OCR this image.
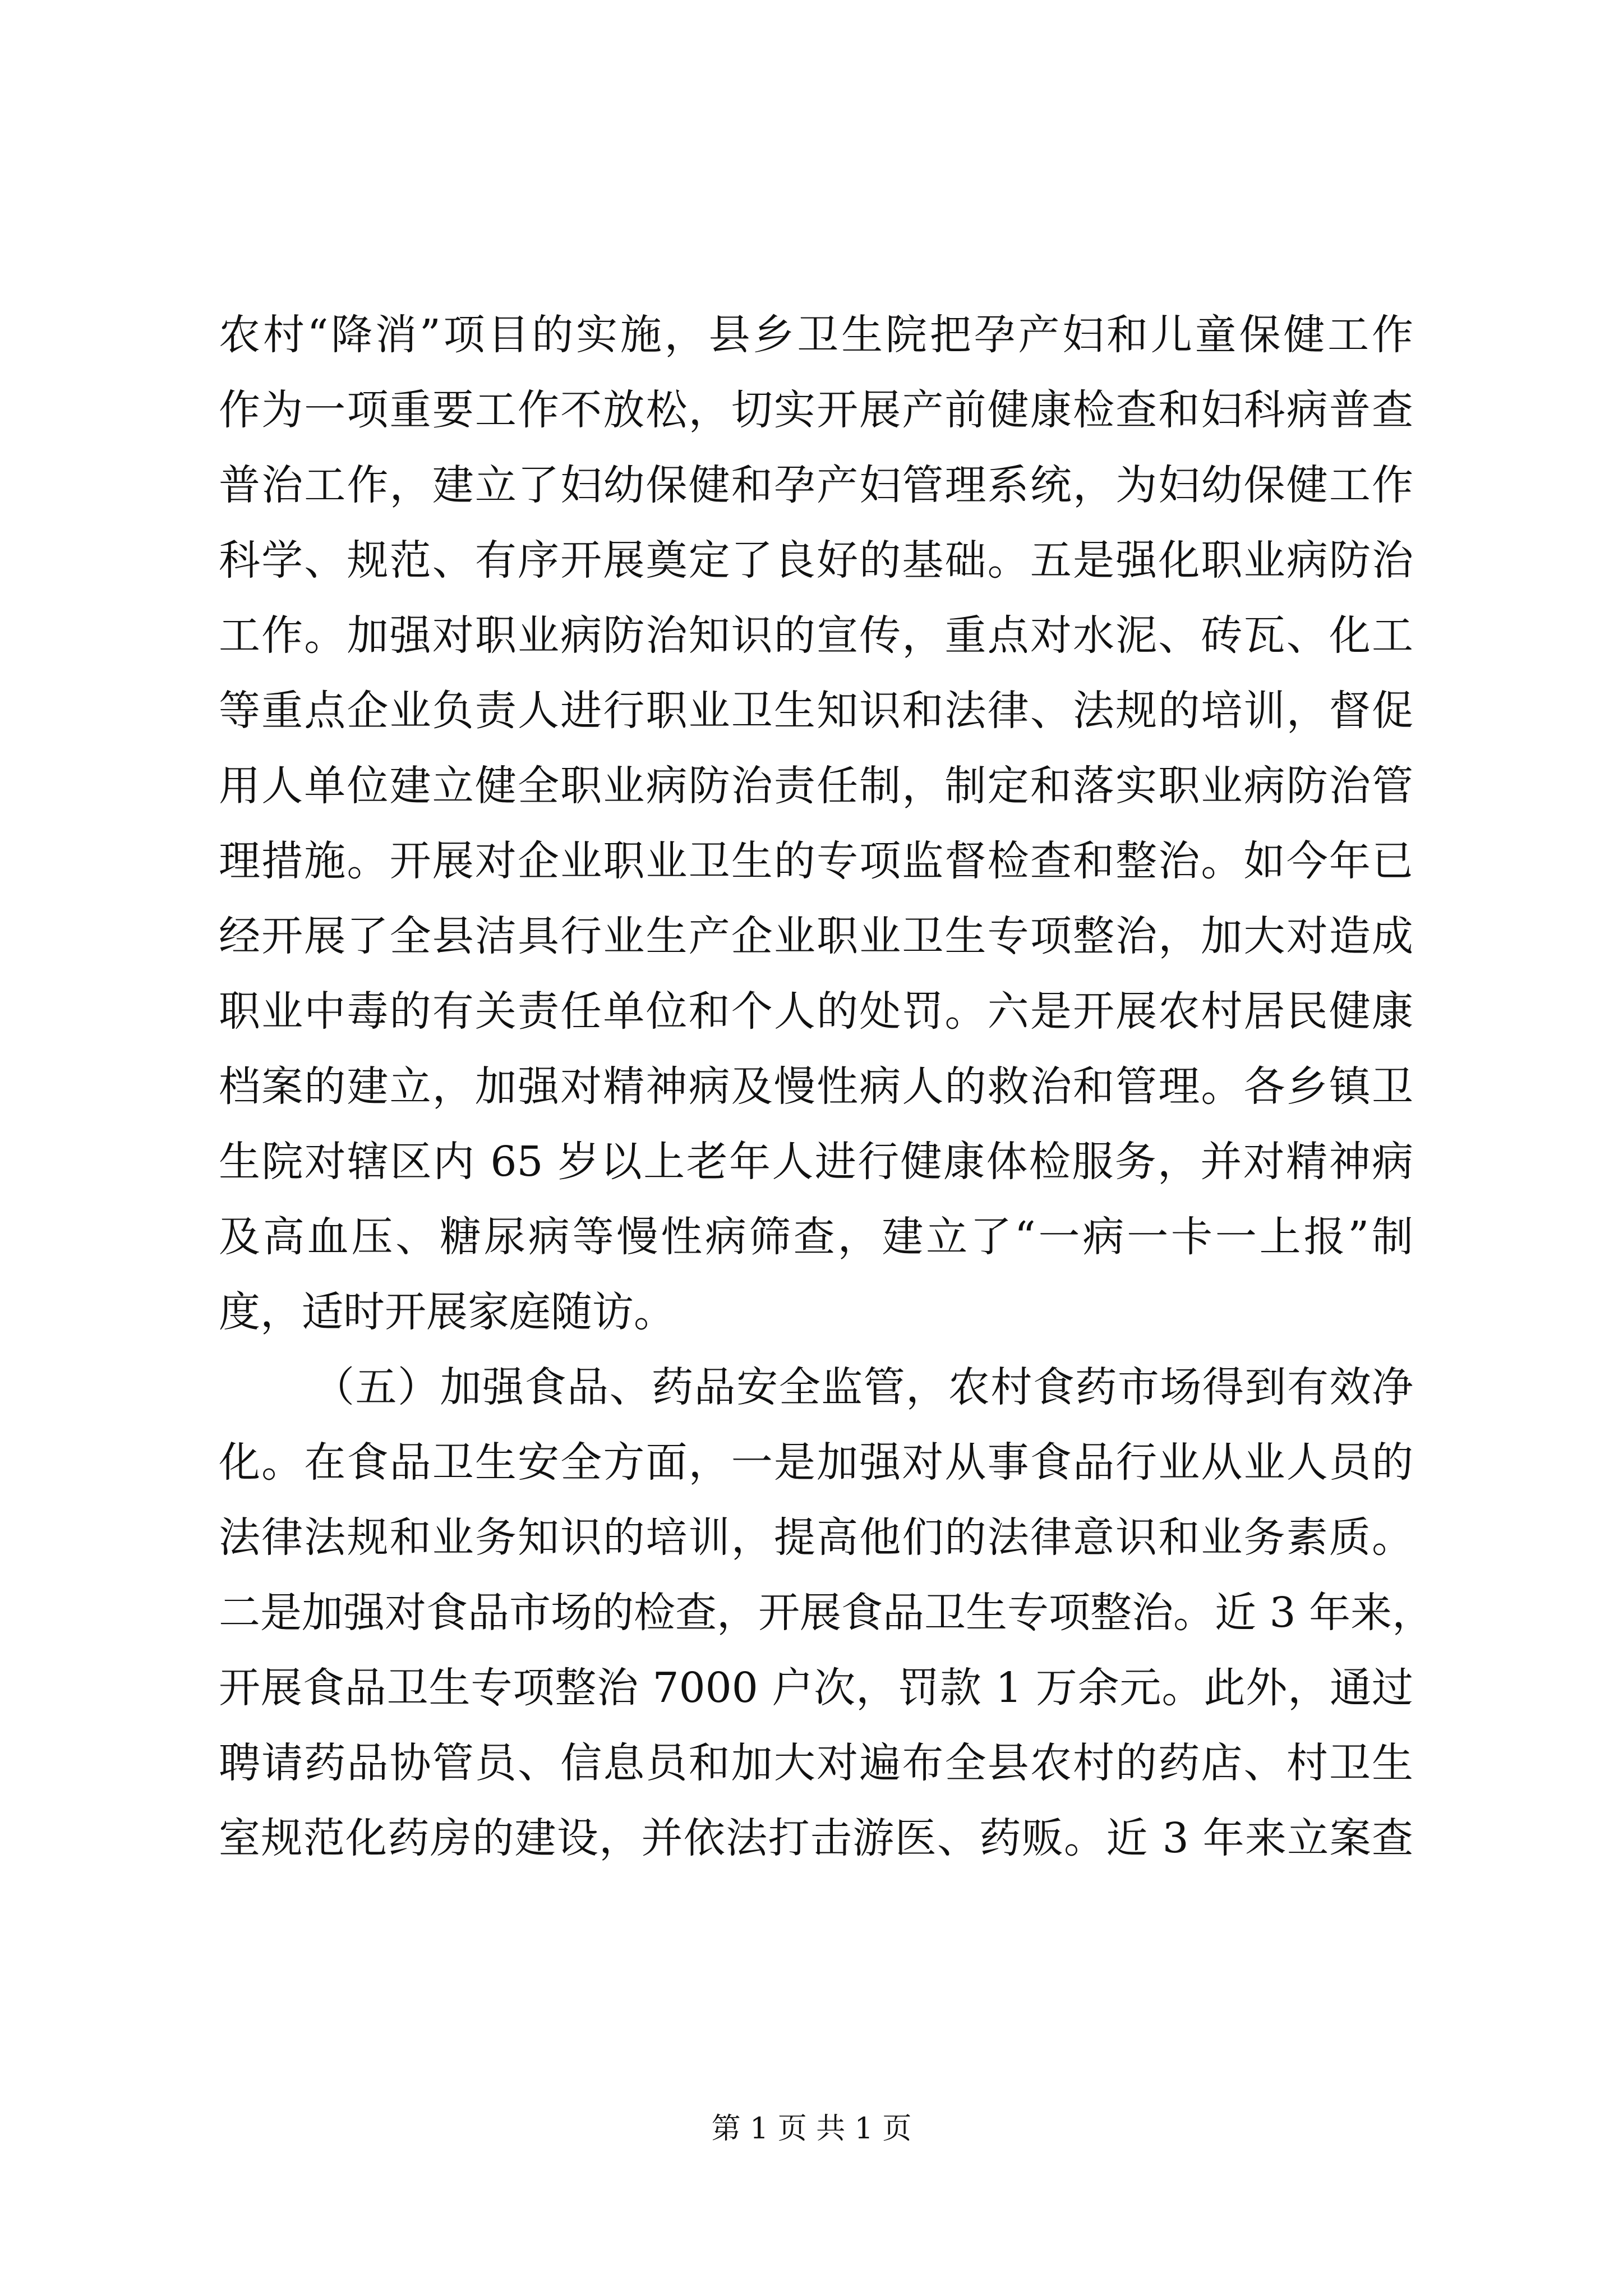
农村“降消”项目的实施，县乡卫生院把孕产妇和儿童保健工作
作为一项重要工作不放松，切实开展产前健康检查和妇科病普查
普治工作，建立了妇幼保健和孕产妇管理系统，为妇幼保健工作
科学、规范、有序开展奠定了良好的基础。五是强化职业病防治
工作。加强对职业病防治知识的宣传，重点对水泥、砖瓦、化工
等重点企业负责人进行职业卫生知识和法律、法规的培训，督促
用人单位建立健全职业病防治责任制，制定和落实职业病防治管
理措施。开展对企业职业卫生的专项监督检查和整治。如今年已
经开展了全县洁具行业生产企业职业卫生专项整治，加大对造成
职业中毒的有关责任单位和个人的处罚。六是开展农村居民健康
档案的建立，加强对精神病及慢性病人的救治和管理。各乡镇卫
生院对辖区内 65 岁以上老年人进行健康体检服务，并对精神病
及高血压、糖尿病等慢性病筛查，建立了“一病一卡一上报”制
度，适时开展家庭随访。
（五）加强食品、药品安全监管，农村食药市场得到有效净
化。在食品卫生安全方面，一是加强对从事食品行业从业人员的
法律法规和业务知识的培训，提高他们的法律意识和业务素质。
二是加强对食品市场的检查，开展食品卫生专项整治。近 3 年来，
开展食品卫生专项整治 7000 户次，罚款 1 万余元。此外，通过
聘请药品协管员、信息员和加大对遍布全县农村的药店、村卫生
室规范化药房的建设，并依法打击游医、药贩。近 3 年来立案查
第 1 页 共 1 页
